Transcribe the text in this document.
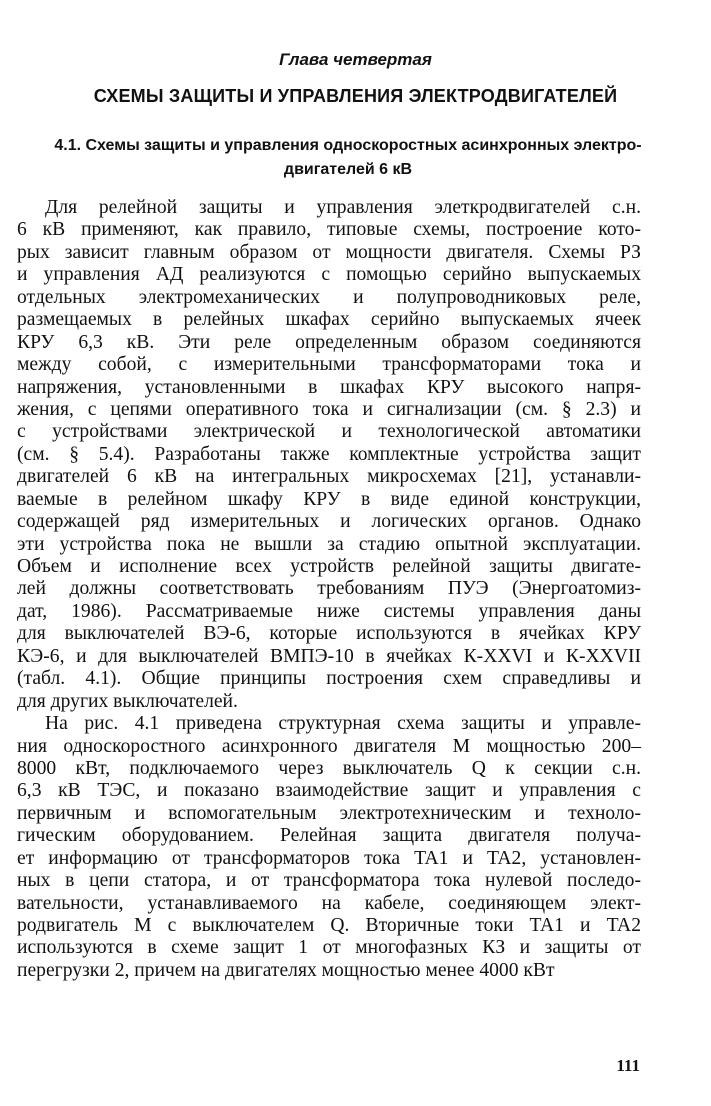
Глава четвертая
СХЕМЫ ЗАЩИТЫ И УПРАВЛЕНИЯ ЭЛЕКТРОДВИГАТЕЛЕЙ
4.1. Схемы защиты и управления односкоростных асинхронных электро-
двигателей 6 кВ
Для релейной защиты и управления элеткродвигателей с.н.
6 кВ применяют, как правило, типовые схемы, построение кото-
рых зависит главным образом от мощности двигателя. Схемы РЗ
и управления АД реализуются с помощью серийно выпускаемых
отдельных электромеханических и полупроводниковых реле,
размещаемых в релейных шкафах серийно выпускаемых ячеек
КРУ 6,3 кВ. Эти реле определенным образом соединяются
между собой, с измерительными трансформаторами тока и
напряжения, установленными в шкафах КРУ высокого напря-
жения, с цепями оперативного тока и сигнализации (см. § 2.3) и
с устройствами электрической и технологической автоматики
(см. § 5.4). Разработаны также комплектные устройства защит
двигателей 6 кВ на интегральных микросхемах [21], устанавли-
ваемые в релейном шкафу КРУ в виде единой конструкции,
содержащей ряд измерительных и логических органов. Однако
эти устройства пока не вышли за стадию опытной эксплуатации.
Объем и исполнение всех устройств релейной защиты двигате-
лей должны соответствовать требованиям ПУЭ (Энергоатомиз-
дат, 1986). Рассматриваемые ниже системы управления даны
для выключателей ВЭ-6, которые используются в ячейках КРУ
КЭ-6, и для выключателей ВМПЭ-10 в ячейках К-XXVI и К-XXVII
(табл. 4.1). Общие принципы построения схем справедливы и
для других выключателей.
На рис. 4.1 приведена структурная схема защиты и управле-
ния односкоростного асинхронного двигателя M мощностью 200–
8000 кВт, подключаемого через выключатель Q к секции с.н.
6,3 кВ ТЭС, и показано взаимодействие защит и управления с
первичным и вспомогательным электротехническим и техноло-
гическим оборудованием. Релейная защита двигателя получа-
ет информацию от трансформаторов тока TA1 и TA2, установлен-
ных в цепи статора, и от трансформатора тока нулевой последо-
вательности, устанавливаемого на кабеле, соединяющем элект-
родвигатель M с выключателем Q. Вторичные токи TA1 и TA2
используются в схеме защит 1 от многофазных КЗ и защиты от
перегрузки 2, причем на двигателях мощностью менее 4000 кВт
111
